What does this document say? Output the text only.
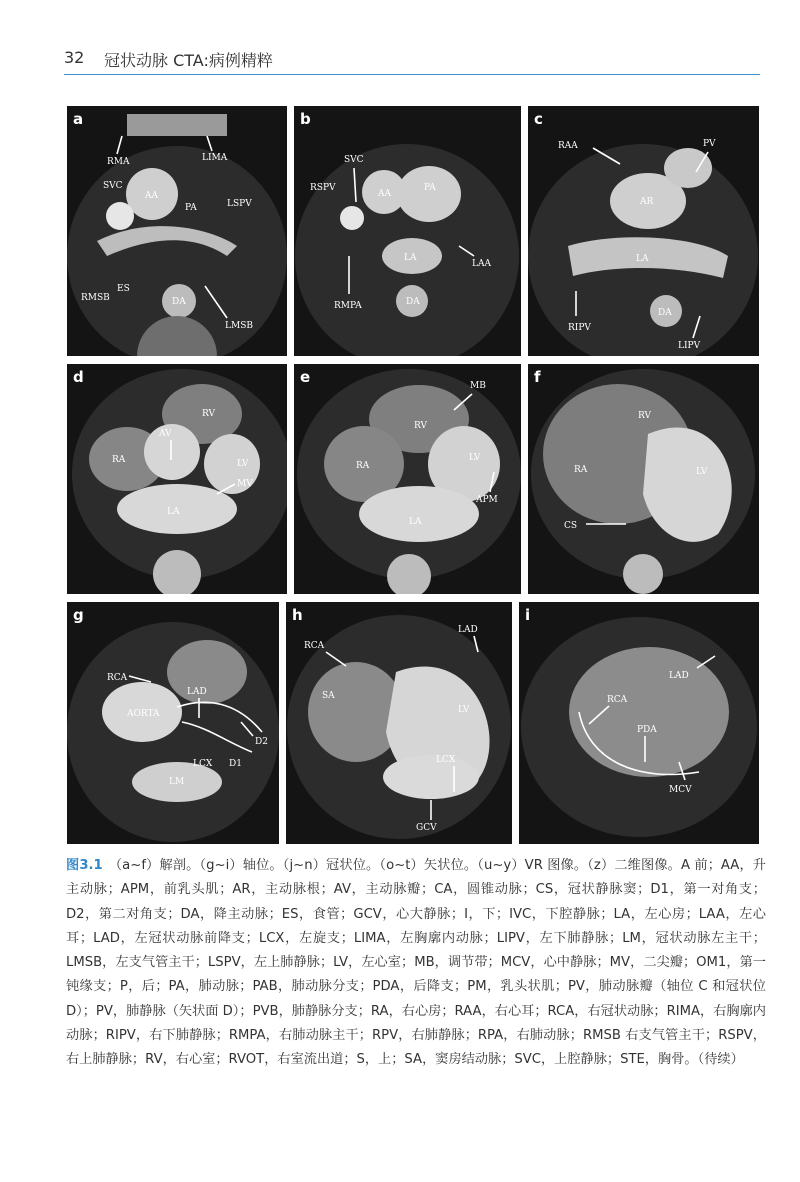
32 冠状动脉 CTA:病例精粹
RMA	LIMA
SVC
AA
PA	LSPV
ES
RMSB	DA
LMSB
a
SVC
RSPV
AA
PA
LA
LAA
RMPA	DA
b
RAA	PV
AR
LA
RIPV
DA
LIPV
c
RV
AV
RA	LV
MV
LA
d	MB
RV
RA
LV
APM
LA
e
RV
RA	LV
CS
f
RCA
LAD
AORTA
D2
LCX D1
LM
g
LAD
RCA
SA
LV
LCX
GCV
h
LAD
RCA
PDA
MCV
i
图3.1 （a~f）解剖。（g~i）轴位。（j~n）冠状位。（o~t）矢状位。（u~y）VR 图像。（z）二维图像。A 前；AA，升主动脉；APM，前乳头肌；AR，主动脉根；AV，主动脉瓣；CA，圆锥动脉；CS，冠状静脉窦；D1，第一对角支；D2，第二对角支；DA，降主动脉；ES，食管；GCV，心大静脉；I，下；IVC，下腔静脉；LA，左心房；LAA，左心耳；LAD，左冠状动脉前降支；LCX，左旋支；LIMA，左胸廓内动脉；LIPV，左下肺静脉；LM，冠状动脉左主干；LMSB，左支气管主干；LSPV，左上肺静脉；LV，左心室；MB，调节带；MCV，心中静脉；MV，二尖瓣；OM1，第一钝缘支；P，后；PA，肺动脉；PAB，肺动脉分支；PDA，后降支；PM，乳头状肌；PV，肺动脉瓣（轴位 C 和冠状位 D）；PV，肺静脉（矢状面 D）；PVB，肺静脉分支；RA，右心房；RAA，右心耳；RCA，右冠状动脉；RIMA，右胸廓内动脉；RIPV，右下肺静脉；RMPA，右肺动脉主干；RPV，右肺静脉；RPA，右肺动脉；RMSB 右支气管主干；RSPV，右上肺静脉；RV，右心室；RVOT，右室流出道；S，上；SA，窦房结动脉；SVC，上腔静脉；STE，胸骨。（待续）
